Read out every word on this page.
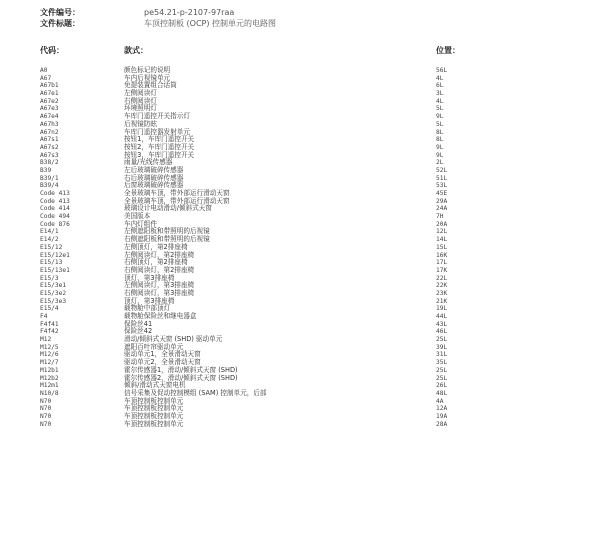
文件编号：	pe54.21-p-2107-97raa
文件标题：	车顶控制板 (OCP) 控制单元的电路图
代码：	款式：	位置：
A0	颜色标记的说明	56L
A67	车内后视镜单元	4L
A67b1	免提装置组合话筒	6L
A67e1	左侧阅读灯	3L
A67e2	右侧阅读灯	4L
A67e3	环境照明灯	5L
A67e4	车库门遥控开关指示灯	9L
A67h3	后视镜防眩	5L
A67n2	车库门遥控器发射单元	8L
A67s1	按钮1，车库门遥控开关	8L
A67s2	按钮2，车库门遥控开关	9L
A67s3	按钮3，车库门遥控开关	9L
B38/2	雨量/光线传感器	2L
B39	左后玻璃破碎传感器	52L
B39/1	右后玻璃破碎传感器	51L
B39/4	后窗玻璃破碎传感器	53L
Code 413	全景玻璃车顶，带外部运行滑动天窗	45E
Code 413	全景玻璃车顶，带外部运行滑动天窗	29A
Code 414	玻璃设计电动滑动/倾斜式天窗	24A
Code 494	美国版本	7H
Code 876	车内灯组件	20A
E14/1	左侧遮阳板和带照明的后视镜	12L
E14/2	右侧遮阳板和带照明的后视镜	14L
E15/12	左侧顶灯，第2排座椅	15L
E15/12e1	左侧阅读灯，第2排座椅	16K
E15/13	右侧顶灯，第2排座椅	17L
E15/13e1	右侧阅读灯，第2排座椅	17K
E15/3	顶灯，第3排座椅	22L
E15/3e1	左侧阅读灯，第3排座椅	22K
E15/3e2	右侧阅读灯，第3排座椅	23K
E15/3e3	顶灯，第3排座椅	21K
E15/4	载物舱中部顶灯	19L
F4	载物舱保险丝和继电器盒	44L
F4f41	保险丝41	43L
F4f42	保险丝42	46L
M12	滑动/倾斜式天窗 (SHD) 驱动单元	25L
M12/5	遮阳百叶帘驱动单元	39L
M12/6	驱动单元1，全景滑动天窗	31L
M12/7	驱动单元2，全景滑动天窗	35L
M12b1	霍尔传感器1，滑动/倾斜式天窗 (SHD)	25L
M12b2	霍尔传感器2，滑动/倾斜式天窗 (SHD)	25L
M12m1	倾斜/滑动式天窗电机	26L
N10/8	信号采集及促动控制模组 (SAM) 控制单元，后部	48L
N70	车顶控制板控制单元	4A
N70	车顶控制板控制单元	12A
N70	车顶控制板控制单元	19A
N70	车顶控制板控制单元	28A
